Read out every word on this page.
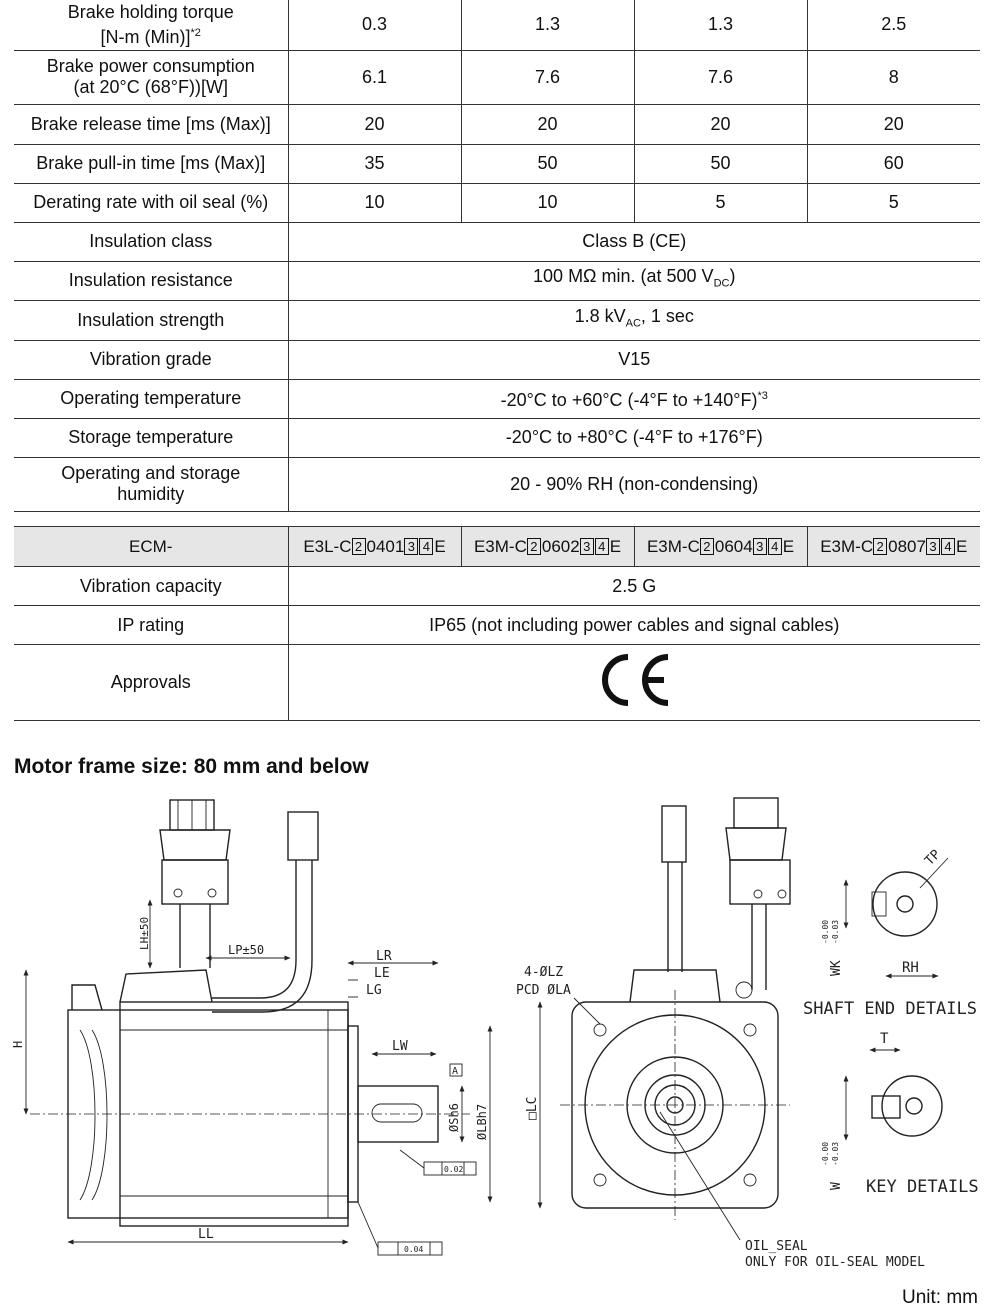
Brake holding torque
[N-m (Min)]$^{*2}$	0.3	1.3	1.3	2.5
Brake power consumption
(at 20°C (68°F))[W]	6.1	7.6	7.6	8
Brake release time [ms (Max)]	20	20	20	20
Brake pull-in time [ms (Max)]	35	50	50	60
Derating rate with oil seal (%)	10	10	5	5
Insulation class	Class B (CE)			
Insulation resistance	100 MΩ min. (at 500 $V_{DC}$)			
Insulation strength	1.8 $kV_{AC}$, 1 sec			
Vibration grade	V15			
Operating temperature	-20°C to +60°C (-4°F to +140°F)$^{*3}$
Storage temperature	-20°C to +80°C (-4°F to +176°F)			
Operating and storage
humidity	20 - 90% RH (non-condensing)			
ECM-	E3L-C 2 0401 3 4 E	E3M-C 2 0602 3 4 E	E3M-C 2 0604 3 4 E	E3M-C 2 0807 3 4 E
Vibration capacity	2.5 G			
IP rating	IP65 (not including power cables and signal cables)			
Approvals	
Motor frame size: 80 mm and below
LH±50	LP±50	LR
LE
LG
LW
H
LL
ØSh6 ØLBh7
A
0.02
0.04
□LC
4-ØLZ
PCD ØLA
OIL_SEAL
ONLY FOR OIL-SEAL MODEL
TP
WK
-0.00 -0.03
RH
SHAFT END DETAILS
T
W
-0.00 -0.03
KEY DETAILS
Unit: mm
